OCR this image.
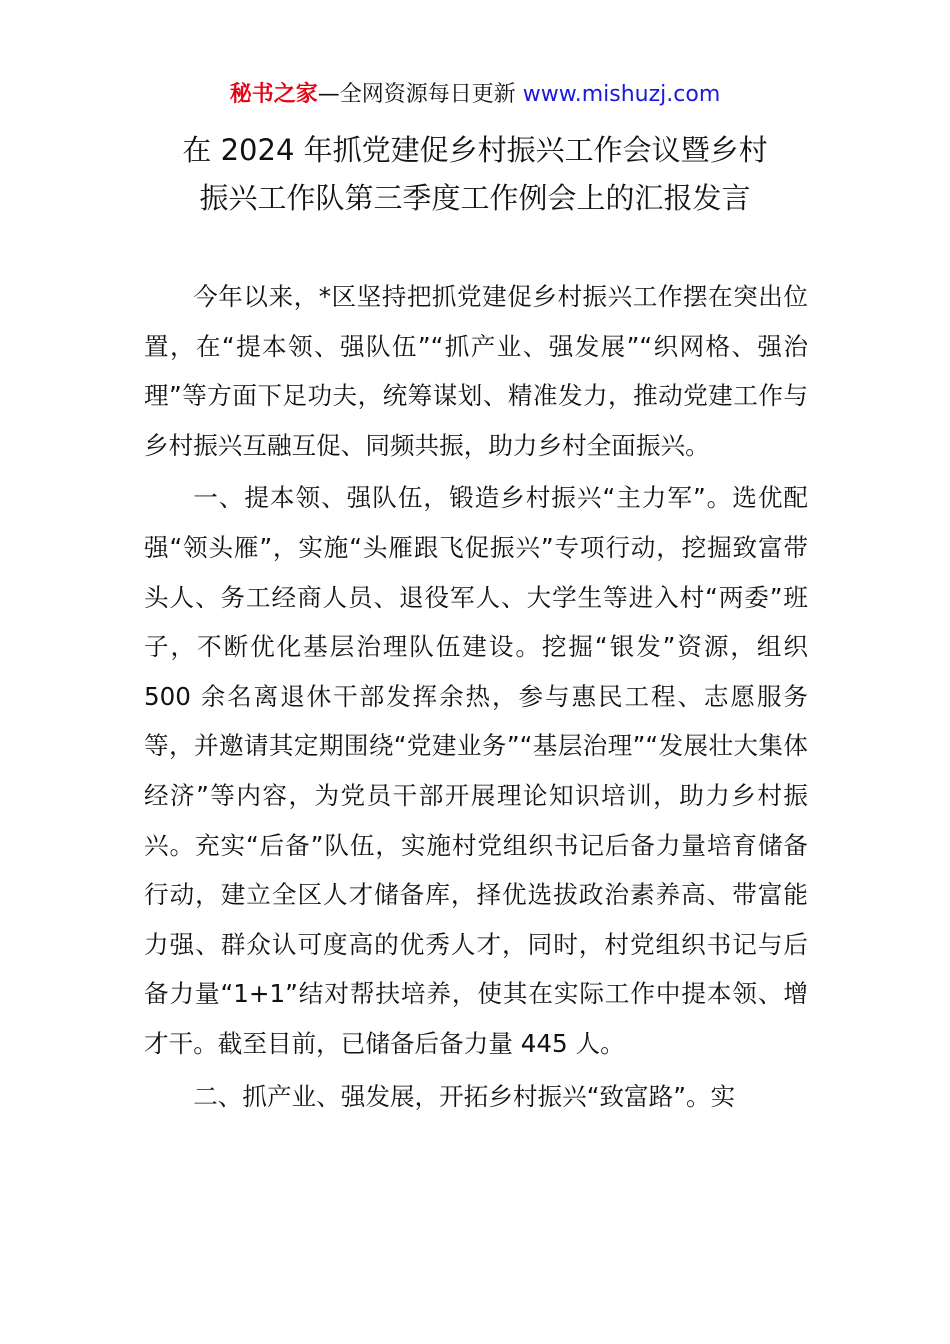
秘书之家—全网资源每日更新 www.mishuzj.com
在 2024 年抓党建促乡村振兴工作会议暨乡村
振兴工作队第三季度工作例会上的汇报发言

今年以来，*区坚持把抓党建促乡村振兴工作摆在突出位置，在“提本领、强队伍”“抓产业、强发展”“织网格、强治理”等方面下足功夫，统筹谋划、精准发力，推动党建工作与乡村振兴互融互促、同频共振，助力乡村全面振兴。

一、提本领、强队伍，锻造乡村振兴“主力军”。选优配强“领头雁”，实施“头雁跟飞促振兴”专项行动，挖掘致富带头人、务工经商人员、退役军人、大学生等进入村“两委”班子，不断优化基层治理队伍建设。挖掘“银发”资源，组织 500 余名离退休干部发挥余热，参与惠民工程、志愿服务等，并邀请其定期围绕“党建业务”“基层治理”“发展壮大集体经济”等内容，为党员干部开展理论知识培训，助力乡村振兴。充实“后备”队伍，实施村党组织书记后备力量培育储备行动，建立全区人才储备库，择优选拔政治素养高、带富能力强、群众认可度高的优秀人才，同时，村党组织书记与后备力量“1+1”结对帮扶培养，使其在实际工作中提本领、增才干。截至目前，已储备后备力量 445 人。

二、抓产业、强发展，开拓乡村振兴“致富路”。实
